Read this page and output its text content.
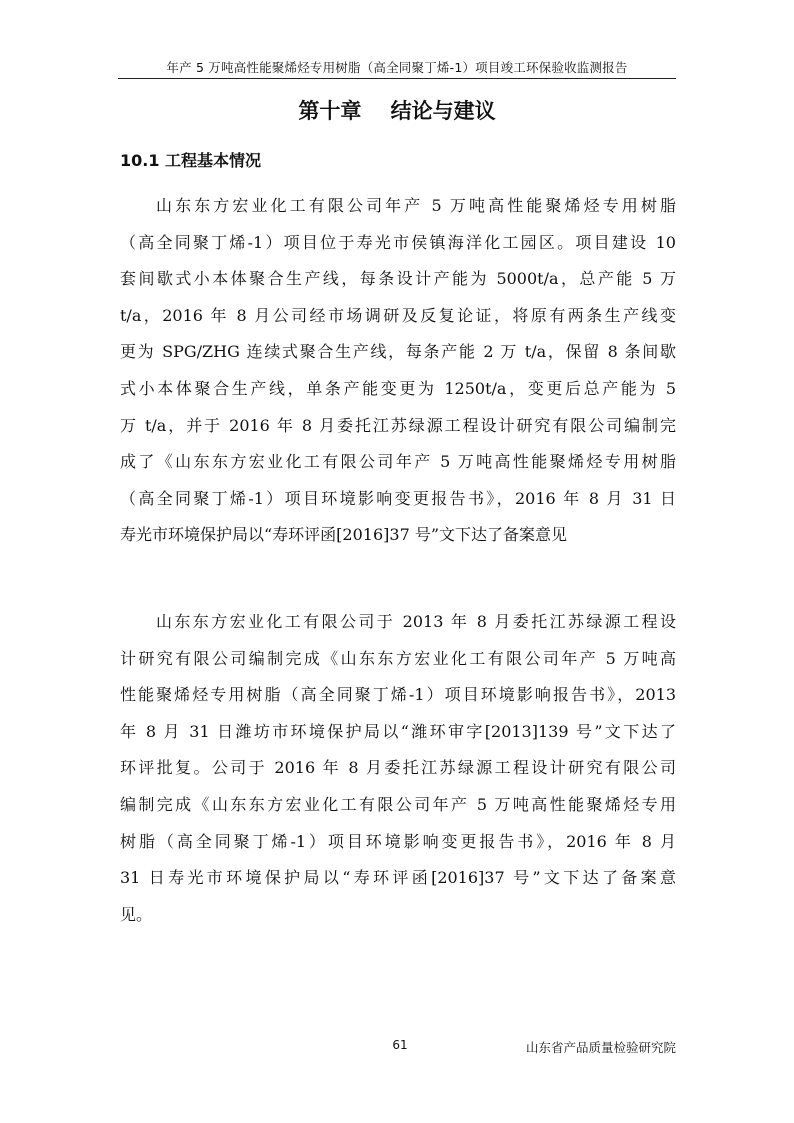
年产 5 万吨高性能聚烯烃专用树脂（高全同聚丁烯-1）项目竣工环保验收监测报告
第十章    结论与建议
10.1 工程基本情况
山东东方宏业化工有限公司年产 5 万吨高性能聚烯烃专用树脂
（高全同聚丁烯-1）项目位于寿光市侯镇海洋化工园区。项目建设 10
套间歇式小本体聚合生产线，每条设计产能为 5000t/a，总产能 5 万
t/a，2016 年 8 月公司经市场调研及反复论证，将原有两条生产线变
更为 SPG/ZHG 连续式聚合生产线，每条产能 2 万 t/a，保留 8 条间歇
式小本体聚合生产线，单条产能变更为 1250t/a，变更后总产能为 5
万 t/a，并于 2016 年 8 月委托江苏绿源工程设计研究有限公司编制完
成了《山东东方宏业化工有限公司年产 5 万吨高性能聚烯烃专用树脂
（高全同聚丁烯-1）项目环境影响变更报告书》，2016 年 8 月 31 日
寿光市环境保护局以“寿环评函[2016]37 号”文下达了备案意见
山东东方宏业化工有限公司于 2013 年 8 月委托江苏绿源工程设
计研究有限公司编制完成《山东东方宏业化工有限公司年产 5 万吨高
性能聚烯烃专用树脂（高全同聚丁烯-1）项目环境影响报告书》，2013
年 8 月 31 日潍坊市环境保护局以“潍环审字[2013]139 号”文下达了
环评批复。公司于 2016 年 8 月委托江苏绿源工程设计研究有限公司
编制完成《山东东方宏业化工有限公司年产 5 万吨高性能聚烯烃专用
树脂（高全同聚丁烯-1）项目环境影响变更报告书》，2016 年 8 月
31 日寿光市环境保护局以“寿环评函[2016]37 号”文下达了备案意
见。
61	山东省产品质量检验研究院
